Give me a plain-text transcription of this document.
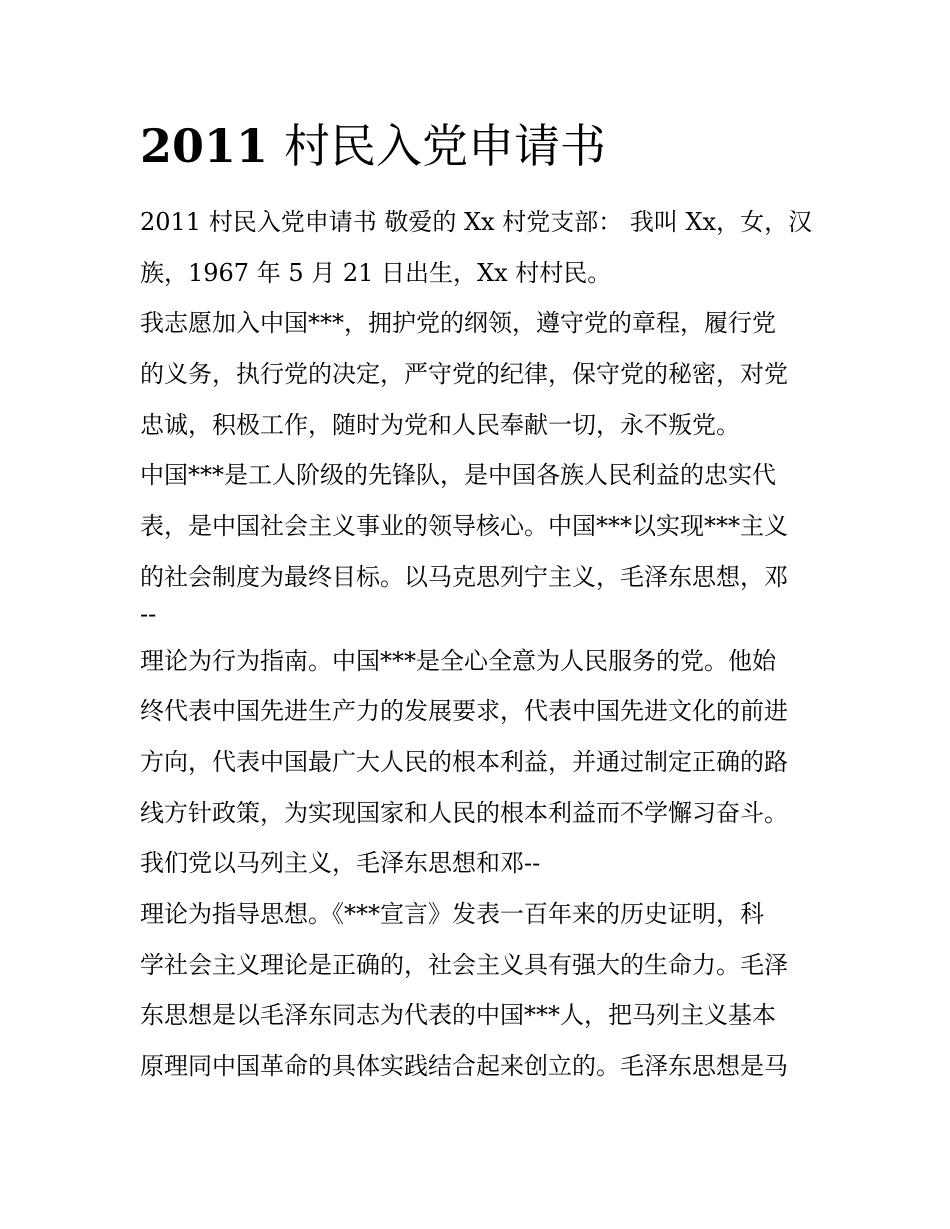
2011 村民入党申请书
2011 村民入党申请书 敬爱的 Xx 村党支部： 我叫 Xx，女，汉
族，1967 年 5 月 21 日出生，Xx 村村民。
我志愿加入中国***，拥护党的纲领，遵守党的章程，履行党
的义务，执行党的决定，严守党的纪律，保守党的秘密，对党
忠诚，积极工作，随时为党和人民奉献一切，永不叛党。
中国***是工人阶级的先锋队，是中国各族人民利益的忠实代
表，是中国社会主义事业的领导核心。中国***以实现***主义
的社会制度为最终目标。以马克思列宁主义，毛泽东思想，邓
--
理论为行为指南。中国***是全心全意为人民服务的党。他始
终代表中国先进生产力的发展要求，代表中国先进文化的前进
方向，代表中国最广大人民的根本利益，并通过制定正确的路
线方针政策，为实现国家和人民的根本利益而不学懈习奋斗。
我们党以马列主义，毛泽东思想和邓--
理论为指导思想。《***宣言》发表一百年来的历史证明，科
学社会主义理论是正确的，社会主义具有强大的生命力。毛泽
东思想是以毛泽东同志为代表的中国***人，把马列主义基本
原理同中国革命的具体实践结合起来创立的。毛泽东思想是马
